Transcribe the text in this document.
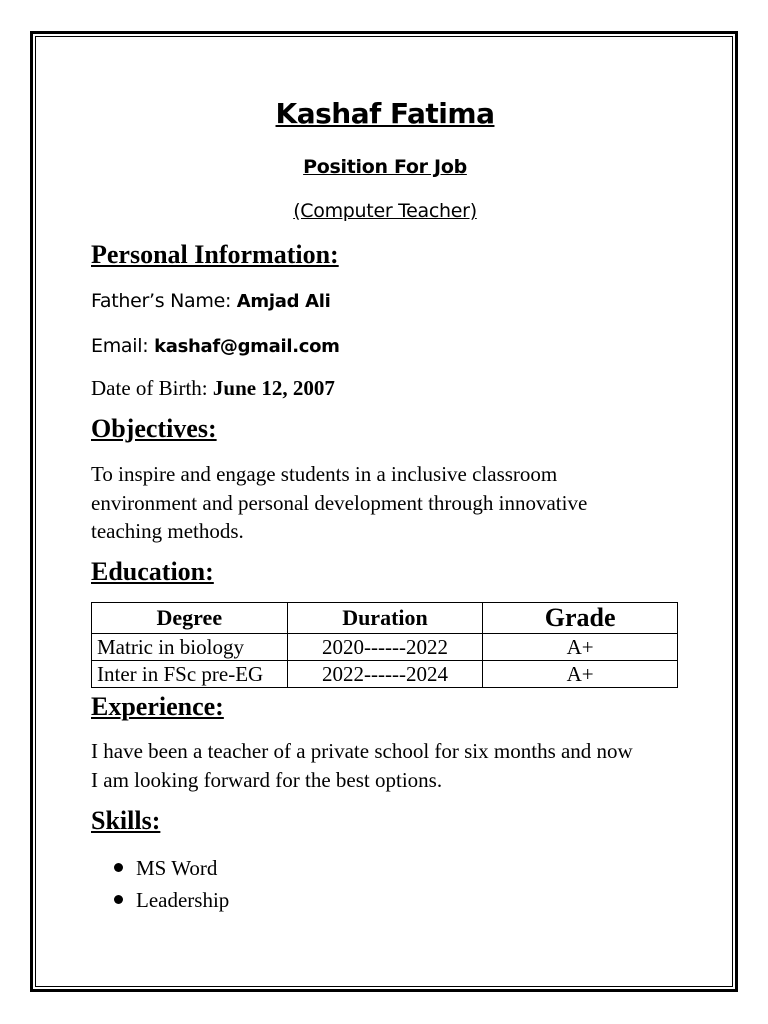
Kashaf Fatima
Position For Job
(Computer Teacher)
Personal Information:
Father’s Name: Amjad Ali
Email: kashaf@gmail.com
Date of Birth: June 12, 2007
Objectives:
To inspire and engage students in a inclusive classroom
environment and personal development through innovative
teaching methods.
Education:
Degree	Duration	Grade
Matric in biology	2020------2022	A+
Inter in FSc pre-EG	2022------2024	A+
Experience:
I have been a teacher of a private school for six months and now
I am looking forward for the best options.
Skills:
MS Word
Leadership
